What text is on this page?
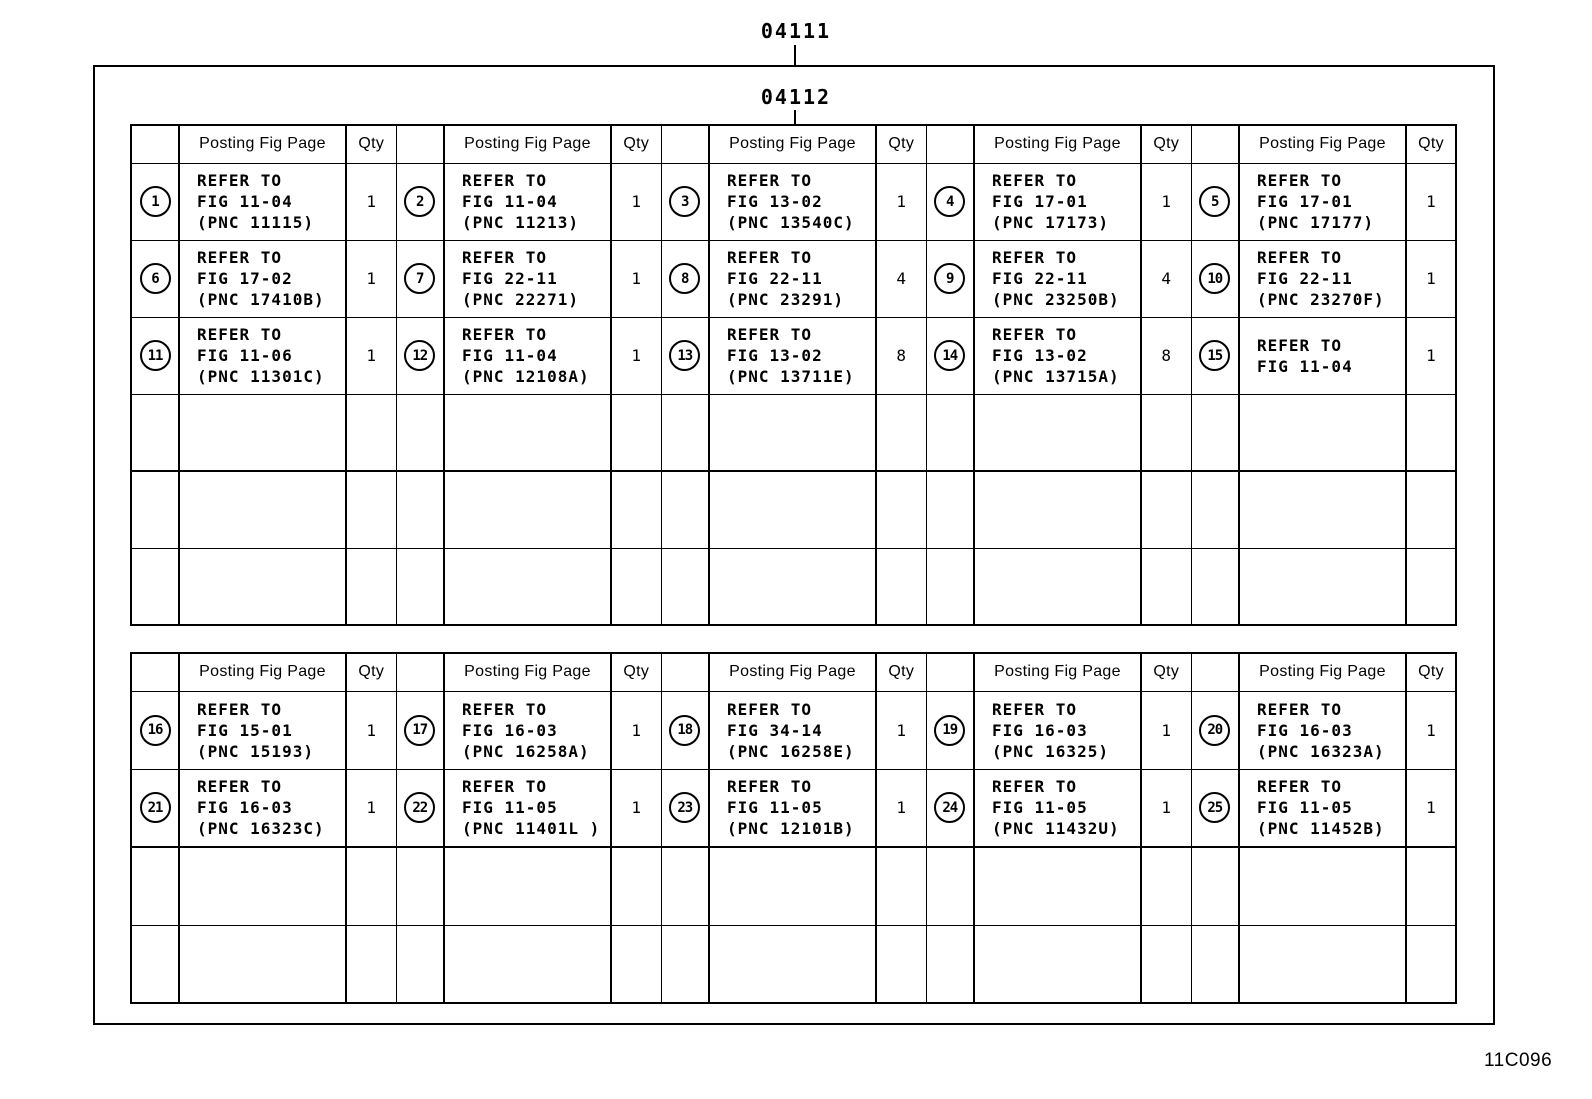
04111
04112
	Posting Fig Page	Qty		Posting Fig Page	Qty		Posting Fig Page	Qty		Posting Fig Page	Qty		Posting Fig Page	Qty
1	
REFER TO
FIG 11-04
(PNC 11115)
	1	2	
REFER TO
FIG 11-04
(PNC 11213)
	1	3	
REFER TO
FIG 13-02
(PNC 13540C)
	1	4	
REFER TO
FIG 17-01
(PNC 17173)
	1	5	
REFER TO
FIG 17-01
(PNC 17177)
	1
6	
REFER TO
FIG 17-02
(PNC 17410B)
	1	7	
REFER TO
FIG 22-11
(PNC 22271)
	1	8	
REFER TO
FIG 22-11
(PNC 23291)
	4	9	
REFER TO
FIG 22-11
(PNC 23250B)
	4	10	
REFER TO
FIG 22-11
(PNC 23270F)
	1
11	
REFER TO
FIG 11-06
(PNC 11301C)
	1	12	
REFER TO
FIG 11-04
(PNC 12108A)
	1	13	
REFER TO
FIG 13-02
(PNC 13711E)
	8	14	
REFER TO
FIG 13-02
(PNC 13715A)
	8	15	
REFER TO
FIG 11-04
	1

	Posting Fig Page	Qty		Posting Fig Page	Qty		Posting Fig Page	Qty		Posting Fig Page	Qty		Posting Fig Page	Qty
16	
REFER TO
FIG 15-01
(PNC 15193)
	1	17	
REFER TO
FIG 16-03
(PNC 16258A)
	1	18	
REFER TO
FIG 34-14
(PNC 16258E)
	1	19	
REFER TO
FIG 16-03
(PNC 16325)
	1	20	
REFER TO
FIG 16-03
(PNC 16323A)
	1
21	
REFER TO
FIG 16-03
(PNC 16323C)
	1	22	
REFER TO
FIG 11-05
(PNC 11401L )
	1	23	
REFER TO
FIG 11-05
(PNC 12101B)
	1	24	
REFER TO
FIG 11-05
(PNC 11432U)
	1	25	
REFER TO
FIG 11-05
(PNC 11452B)
	1

11C096
